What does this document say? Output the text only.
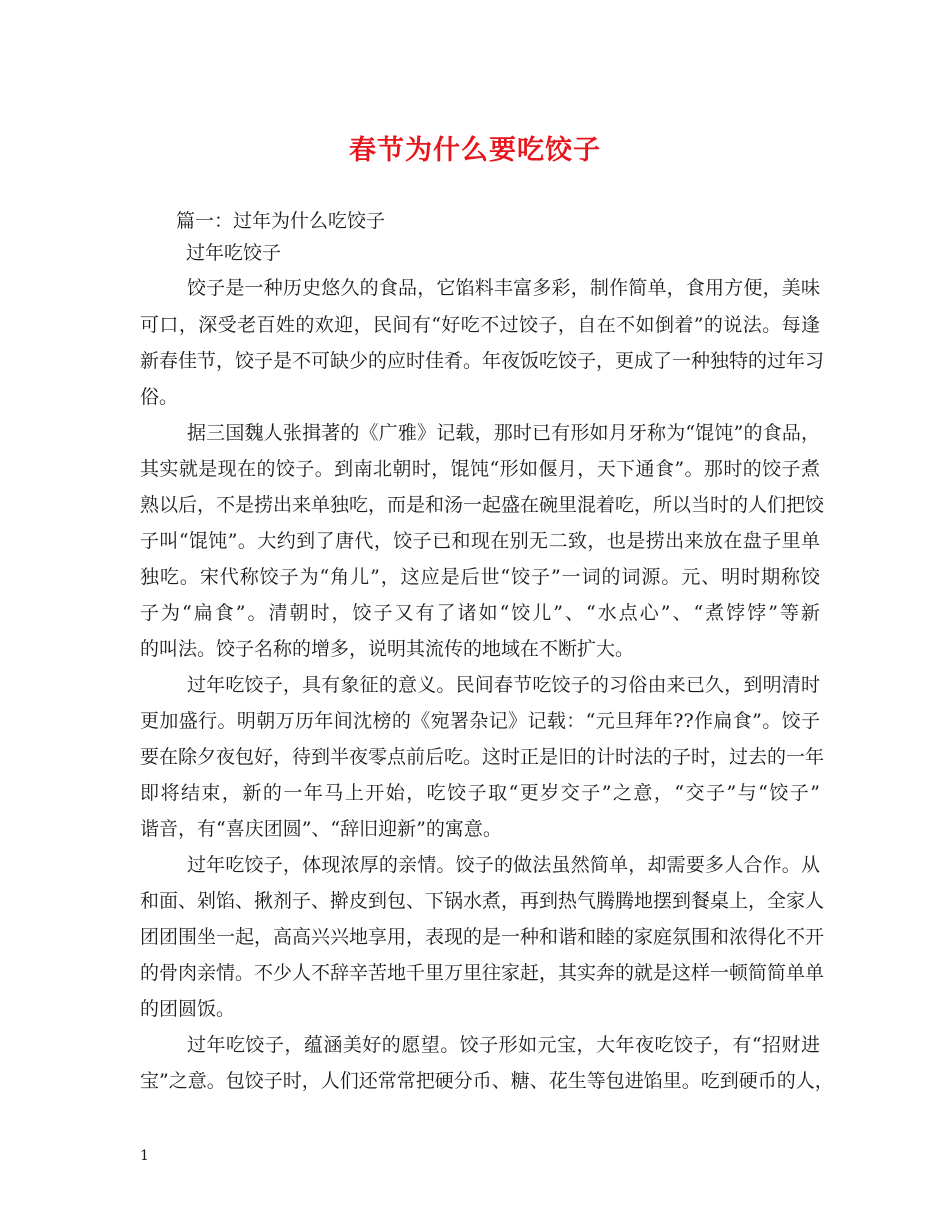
春节为什么要吃饺子
篇一：过年为什么吃饺子
过年吃饺子
饺子是一种历史悠久的食品，它馅料丰富多彩，制作简单，食用方便，美味
可口，深受老百姓的欢迎，民间有“好吃不过饺子，自在不如倒着”的说法。每逢
新春佳节，饺子是不可缺少的应时佳肴。年夜饭吃饺子，更成了一种独特的过年习
俗。
据三国魏人张揖著的《广雅》记载，那时已有形如月牙称为“馄饨”的食品，
其实就是现在的饺子。到南北朝时，馄饨“形如偃月，天下通食”。那时的饺子煮
熟以后，不是捞出来单独吃，而是和汤一起盛在碗里混着吃，所以当时的人们把饺
子叫“馄饨”。大约到了唐代，饺子已和现在别无二致，也是捞出来放在盘子里单
独吃。宋代称饺子为“角儿”，这应是后世“饺子”一词的词源。元、明时期称饺
子为“扁食”。清朝时，饺子又有了诸如“饺儿”、“水点心”、“煮饽饽”等新
的叫法。饺子名称的增多，说明其流传的地域在不断扩大。
过年吃饺子，具有象征的意义。民间春节吃饺子的习俗由来已久，到明清时
更加盛行。明朝万历年间沈榜的《宛署杂记》记载：“元旦拜年??作扁食”。饺子
要在除夕夜包好，待到半夜零点前后吃。这时正是旧的计时法的子时，过去的一年
即将结束，新的一年马上开始，吃饺子取“更岁交子”之意，“交子”与“饺子”
谐音，有“喜庆团圆”、“辞旧迎新”的寓意。
过年吃饺子，体现浓厚的亲情。饺子的做法虽然简单，却需要多人合作。从
和面、剁馅、揪剂子、擀皮到包、下锅水煮，再到热气腾腾地摆到餐桌上，全家人
团团围坐一起，高高兴兴地享用，表现的是一种和谐和睦的家庭氛围和浓得化不开
的骨肉亲情。不少人不辞辛苦地千里万里往家赶，其实奔的就是这样一顿简简单单
的团圆饭。
过年吃饺子，蕴涵美好的愿望。饺子形如元宝，大年夜吃饺子，有“招财进
宝”之意。包饺子时，人们还常常把硬分币、糖、花生等包进馅里。吃到硬币的人，
1
